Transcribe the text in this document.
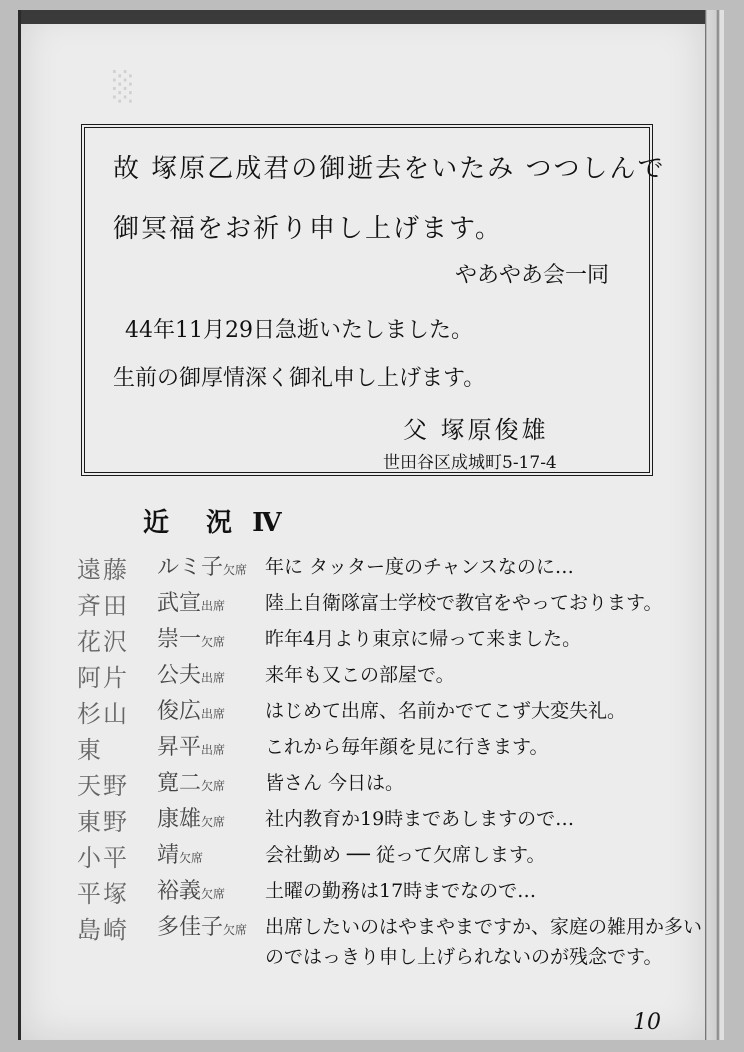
░
故 塚原乙成君の御逝去をいたみ つつしんで
御冥福をお祈り申し上げます。
やあやあ会一同
44年11月29日急逝いたしました。
生前の御厚情深く御礼申し上げます。
父 塚原俊雄
世田谷区成城町5-17-4
近 況 Ⅳ
遠藤 ルミ子欠席 年に タッター度のチャンスなのに…
斉田 武宣出席 陸上自衛隊富士学校で教官をやっております。
花沢 崇一欠席 昨年4月より東京に帰って来ました。
阿片 公夫出席 来年も又この部屋で。
杉山 俊広出席 はじめて出席、名前かでてこず大変失礼。
東 昇平出席 これから毎年顔を見に行きます。
天野 寛二欠席 皆さん 今日は。
東野 康雄欠席 社内教育か19時まであしますので…
小平 靖欠席	会社勤め ── 従って欠席します。
平塚 裕義欠席 土曜の勤務は17時までなので…
島崎 多佳子欠席 出席したいのはやまやまですか、家庭の雑用か多いのではっきり申し上げられないのが残念です。
10
